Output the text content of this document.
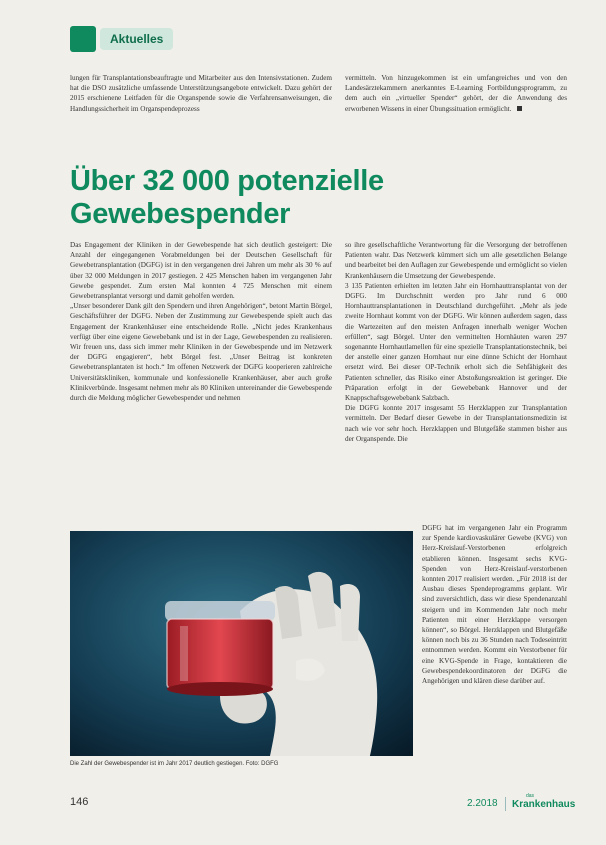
Aktuelles

lungen für Transplantationsbeauftragte und Mitarbeiter aus den Intensivstationen. Zudem hat die DSO zusätzliche umfassende Unterstützungsangebote entwickelt. Dazu gehört der 2015 erschienene Leitfaden für die Organspende sowie die Verfahrensanweisungen, die Handlungssicherheit im Organspendeprozess

vermitteln. Von hinzugekommen ist ein umfangreiches und von den Landesärztekammern anerkanntes E-Learning Fortbildungsprogramm, zu dem auch ein „virtueller Spender“ gehört, der die Anwendung des erworbenen Wissens in einer Übungssituation ermöglicht.

Über 32 000 potenzielle Gewebespender

Das Engagement der Kliniken in der Gewebespende hat sich deutlich gesteigert: Die Anzahl der eingegangenen Vorabmeldungen bei der Deutschen Gesellschaft für Gewebetransplantation (DGFG) ist in den vergangenen drei Jahren um mehr als 30 % auf über 32 000 Meldungen in 2017 gestiegen. 2 425 Menschen haben im vergangenen Jahr Gewebe gespendet. Zum ersten Mal konnten 4 725 Menschen mit einem Gewebetransplantat versorgt und damit geholfen werden.

„Unser besonderer Dank gilt den Spendern und ihren Angehörigen“, betont Martin Börgel, Geschäftsführer der DGFG. Neben der Zustimmung zur Gewebespende spielt auch das Engagement der Krankenhäuser eine entscheidende Rolle. „Nicht jedes Krankenhaus verfügt über eine eigene Gewebebank und ist in der Lage, Gewebespenden zu realisieren. Wir freuen uns, dass sich immer mehr Kliniken in der Gewebespende und im Netzwerk der DGFG engagieren“, hebt Börgel fest. „Unser Beitrag ist konkreten Gewebetransplantaten ist hoch.“ Im offenen Netzwerk der DGFG kooperieren zahlreiche Universitätskliniken, kommunale und konfessionelle Krankenhäuser, aber auch große Klinikverbünde. Insgesamt nehmen mehr als 80 Kliniken untereinander die Gewebespende durch die Meldung möglicher Gewebespender und nehmen

so ihre gesellschaftliche Verantwortung für die Versorgung der betroffenen Patienten wahr. Das Netzwerk kümmert sich um alle gesetzlichen Belange und bearbeitet bei den Auflagen zur Gewebespende und ermöglicht so vielen Krankenhäusern die Umsetzung der Gewebespende.

3 135 Patienten erhielten im letzten Jahr ein Hornhauttransplantat von der DGFG. Im Durchschnitt werden pro Jahr rund 6 000 Hornhauttransplantationen in Deutschland durchgeführt. „Mehr als jede zweite Hornhaut kommt von der DGFG. Wir können außerdem sagen, dass die Wartezeiten auf den meisten Anfragen innerhalb weniger Wochen erfüllen“, sagt Börgel. Unter den vermittelten Hornhäuten waren 297 sogenannte Hornhautlamellen für eine spezielle Transplantationstechnik, bei der anstelle einer ganzen Hornhaut nur eine dünne Schicht der Hornhaut ersetzt wird. Bei dieser OP-Technik erholt sich die Sehfähigkeit des Patienten schneller, das Risiko einer Abstoßungsreaktion ist geringer. Die Präparation erfolgt in der Gewebebank Hannover und der Knappschaftsgewebebank Salzbach.

Die DGFG konnte 2017 insgesamt 55 Herzklappen zur Transplantation vermitteln. Der Bedarf dieser Gewebe in der Transplantationsmedizin ist nach wie vor sehr hoch. Herzklappen und Blutgefäße stammen bisher aus der Organspende. Die

DGFG hat im vergangenen Jahr ein Programm zur Spende kardiovaskulärer Gewebe (KVG) von Herz-Kreislauf-Verstorbenen erfolgreich etablieren können. Insgesamt sechs KVG-Spenden von Herz-Kreislauf-verstorbenen konnten 2017 realisiert werden. „Für 2018 ist der Ausbau dieses Spendeprogramms geplant. Wir sind zuversichtlich, dass wir diese Spendenanzahl steigern und im Kommenden Jahr noch mehr Patienten mit einer Herzklappe versorgen können“, so Börgel. Herzklappen und Blutgefäße können noch bis zu 36 Stunden nach Todeseintritt entnommen werden. Kommt ein Verstorbener für eine KVG-Spende in Frage, kontaktieren die Gewebespendekoordinatoren der DGFG die Angehörigen und klären diese darüber auf.

Die Zahl der Gewebespender ist im Jahr 2017 deutlich gestiegen. Foto: DGFG
146	2.2018
das
Krankenhaus
